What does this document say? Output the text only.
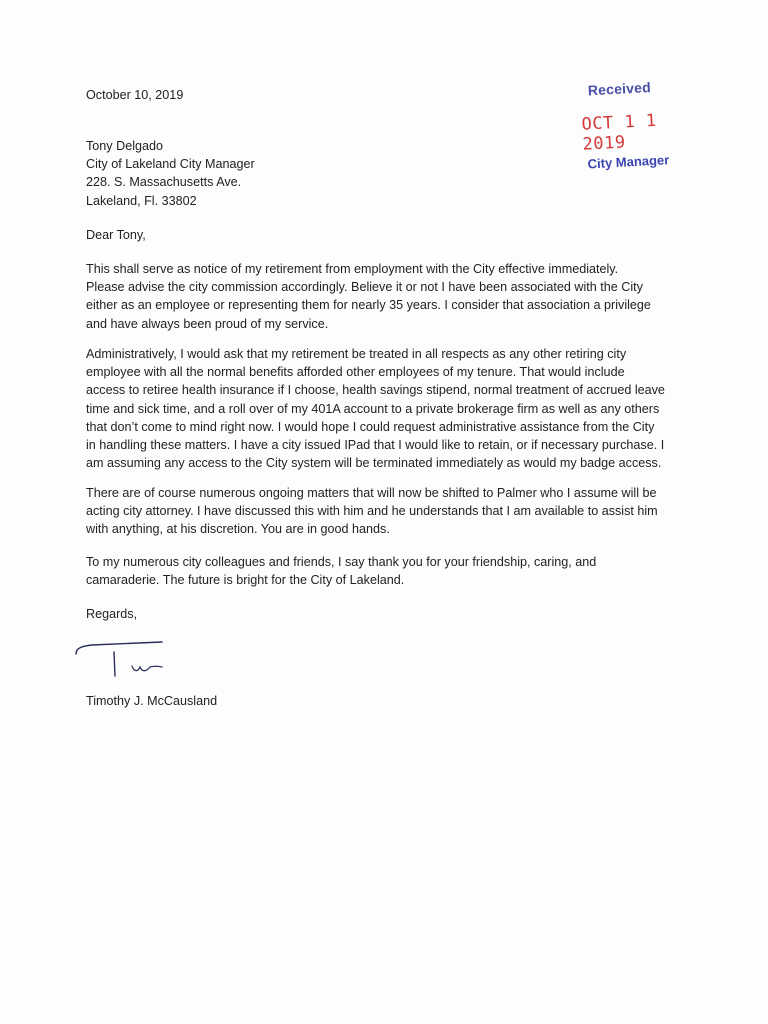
October 10, 2019	Received
OCT 1 1 2019
City Manager
Tony Delgado
City of Lakeland City Manager
228. S. Massachusetts Ave.
Lakeland, Fl. 33802
Dear Tony,
This shall serve as notice of my retirement from employment with the City effective immediately.
Please advise the city commission accordingly. Believe it or not I have been associated with the City
either as an employee or representing them for nearly 35 years. I consider that association a privilege
and have always been proud of my service.
Administratively, I would ask that my retirement be treated in all respects as any other retiring city
employee with all the normal benefits afforded other employees of my tenure. That would include
access to retiree health insurance if I choose, health savings stipend, normal treatment of accrued leave
time and sick time, and a roll over of my 401A account to a private brokerage firm as well as any others
that don’t come to mind right now. I would hope I could request administrative assistance from the City
in handling these matters. I have a city issued IPad that I would like to retain, or if necessary purchase. I
am assuming any access to the City system will be terminated immediately as would my badge access.
There are of course numerous ongoing matters that will now be shifted to Palmer who I assume will be
acting city attorney. I have discussed this with him and he understands that I am available to assist him
with anything, at his discretion. You are in good hands.
To my numerous city colleagues and friends, I say thank you for your friendship, caring, and
camaraderie. The future is bright for the City of Lakeland.
Regards,
Timothy J. McCausland
